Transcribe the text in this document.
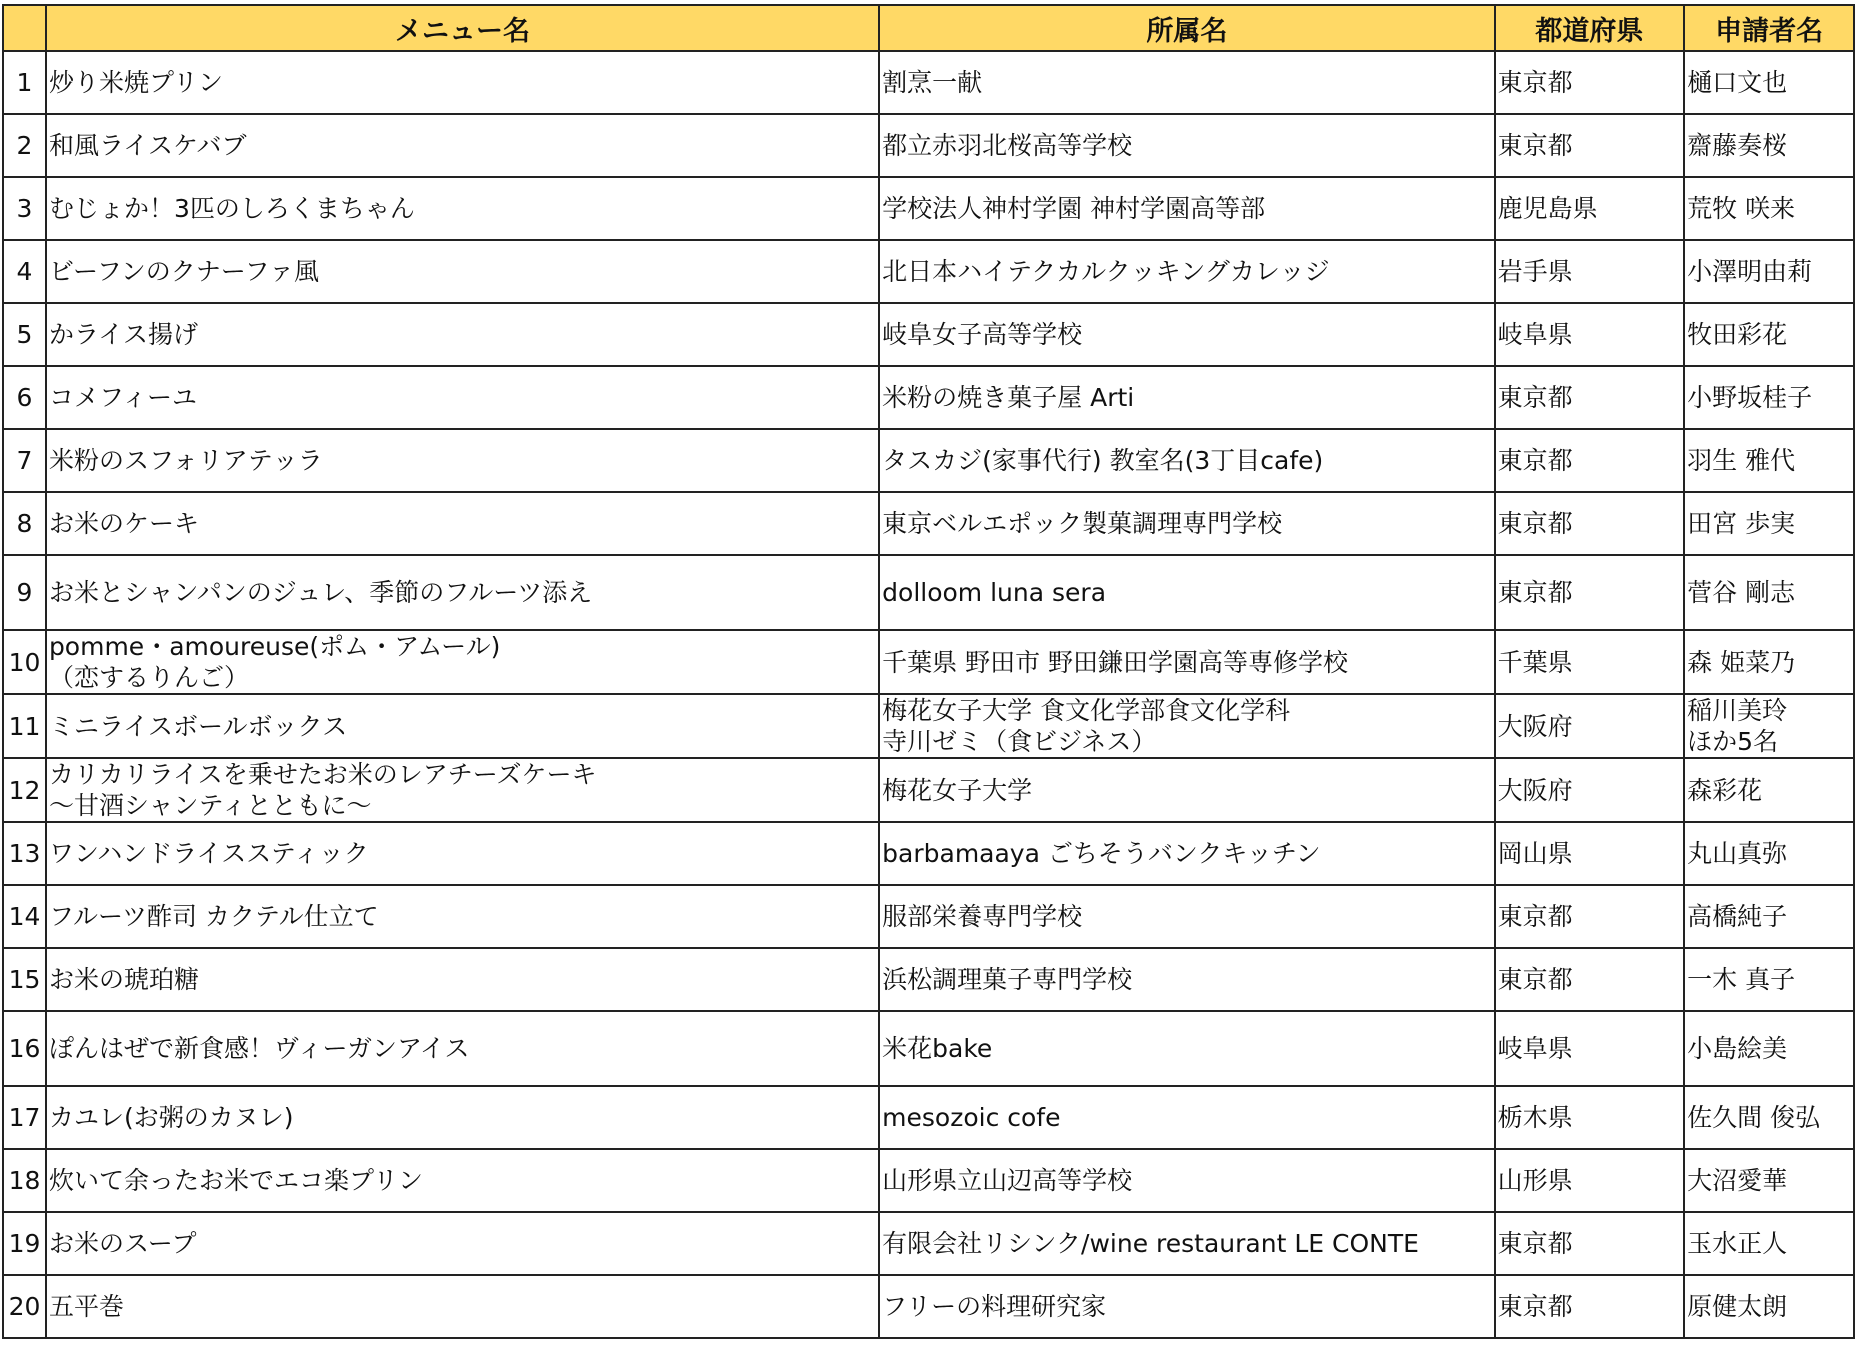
	メニュー名	所属名	都道府県	申請者名
1	炒り米焼プリン	割烹一献	東京都	樋口文也

2	和風ライスケバブ	都立赤羽北桜高等学校	東京都	齋藤奏桜

3	むじょか！3匹のしろくまちゃん	学校法人神村学園 神村学園高等部	鹿児島県	荒牧 咲来

4	ビーフンのクナーファ風	北日本ハイテクカルクッキングカレッジ	岩手県	小澤明由莉

5	かライス揚げ	岐阜女子高等学校	岐阜県	牧田彩花

6	コメフィーユ	米粉の焼き菓子屋 Arti	東京都	小野坂桂子

7	米粉のスフォリアテッラ	タスカジ(家事代行) 教室名(3丁目cafe)	東京都	羽生 雅代

8	お米のケーキ	東京ベルエポック製菓調理専門学校	東京都	田宮 歩実

9	お米とシャンパンのジュレ、季節のフルーツ添え	dolloom luna sera	東京都	菅谷 剛志

10	pomme・amoureuse(ポム・アムール)
（恋するりんご）	千葉県 野田市 野田鎌田学園高等専修学校	千葉県	森 姫菜乃

11	ミニライスボールボックス	梅花女子大学 食文化学部食文化学科
寺川ゼミ（食ビジネス）	大阪府	稲川美玲
ほか5名

12	カリカリライスを乗せたお米のレアチーズケーキ
～甘酒シャンティとともに～	梅花女子大学	大阪府	森彩花

13	ワンハンドライススティック	barbamaaya ごちそうバンクキッチン	岡山県	丸山真弥

14	フルーツ酢司 カクテル仕立て	服部栄養専門学校	東京都	高橋純子

15	お米の琥珀糖	浜松調理菓子専門学校	東京都	一木 真子

16	ぽんはぜで新食感！ヴィーガンアイス	米花bake	岐阜県	小島絵美

17	カユレ(お粥のカヌレ)	mesozoic cofe	栃木県	佐久間 俊弘

18	炊いて余ったお米でエコ楽プリン	山形県立山辺高等学校	山形県	大沼愛華

19	お米のスープ	有限会社リシンク/wine restaurant LE CONTE	東京都	玉水正人

20	五平巻	フリーの料理研究家	東京都	原健太朗
